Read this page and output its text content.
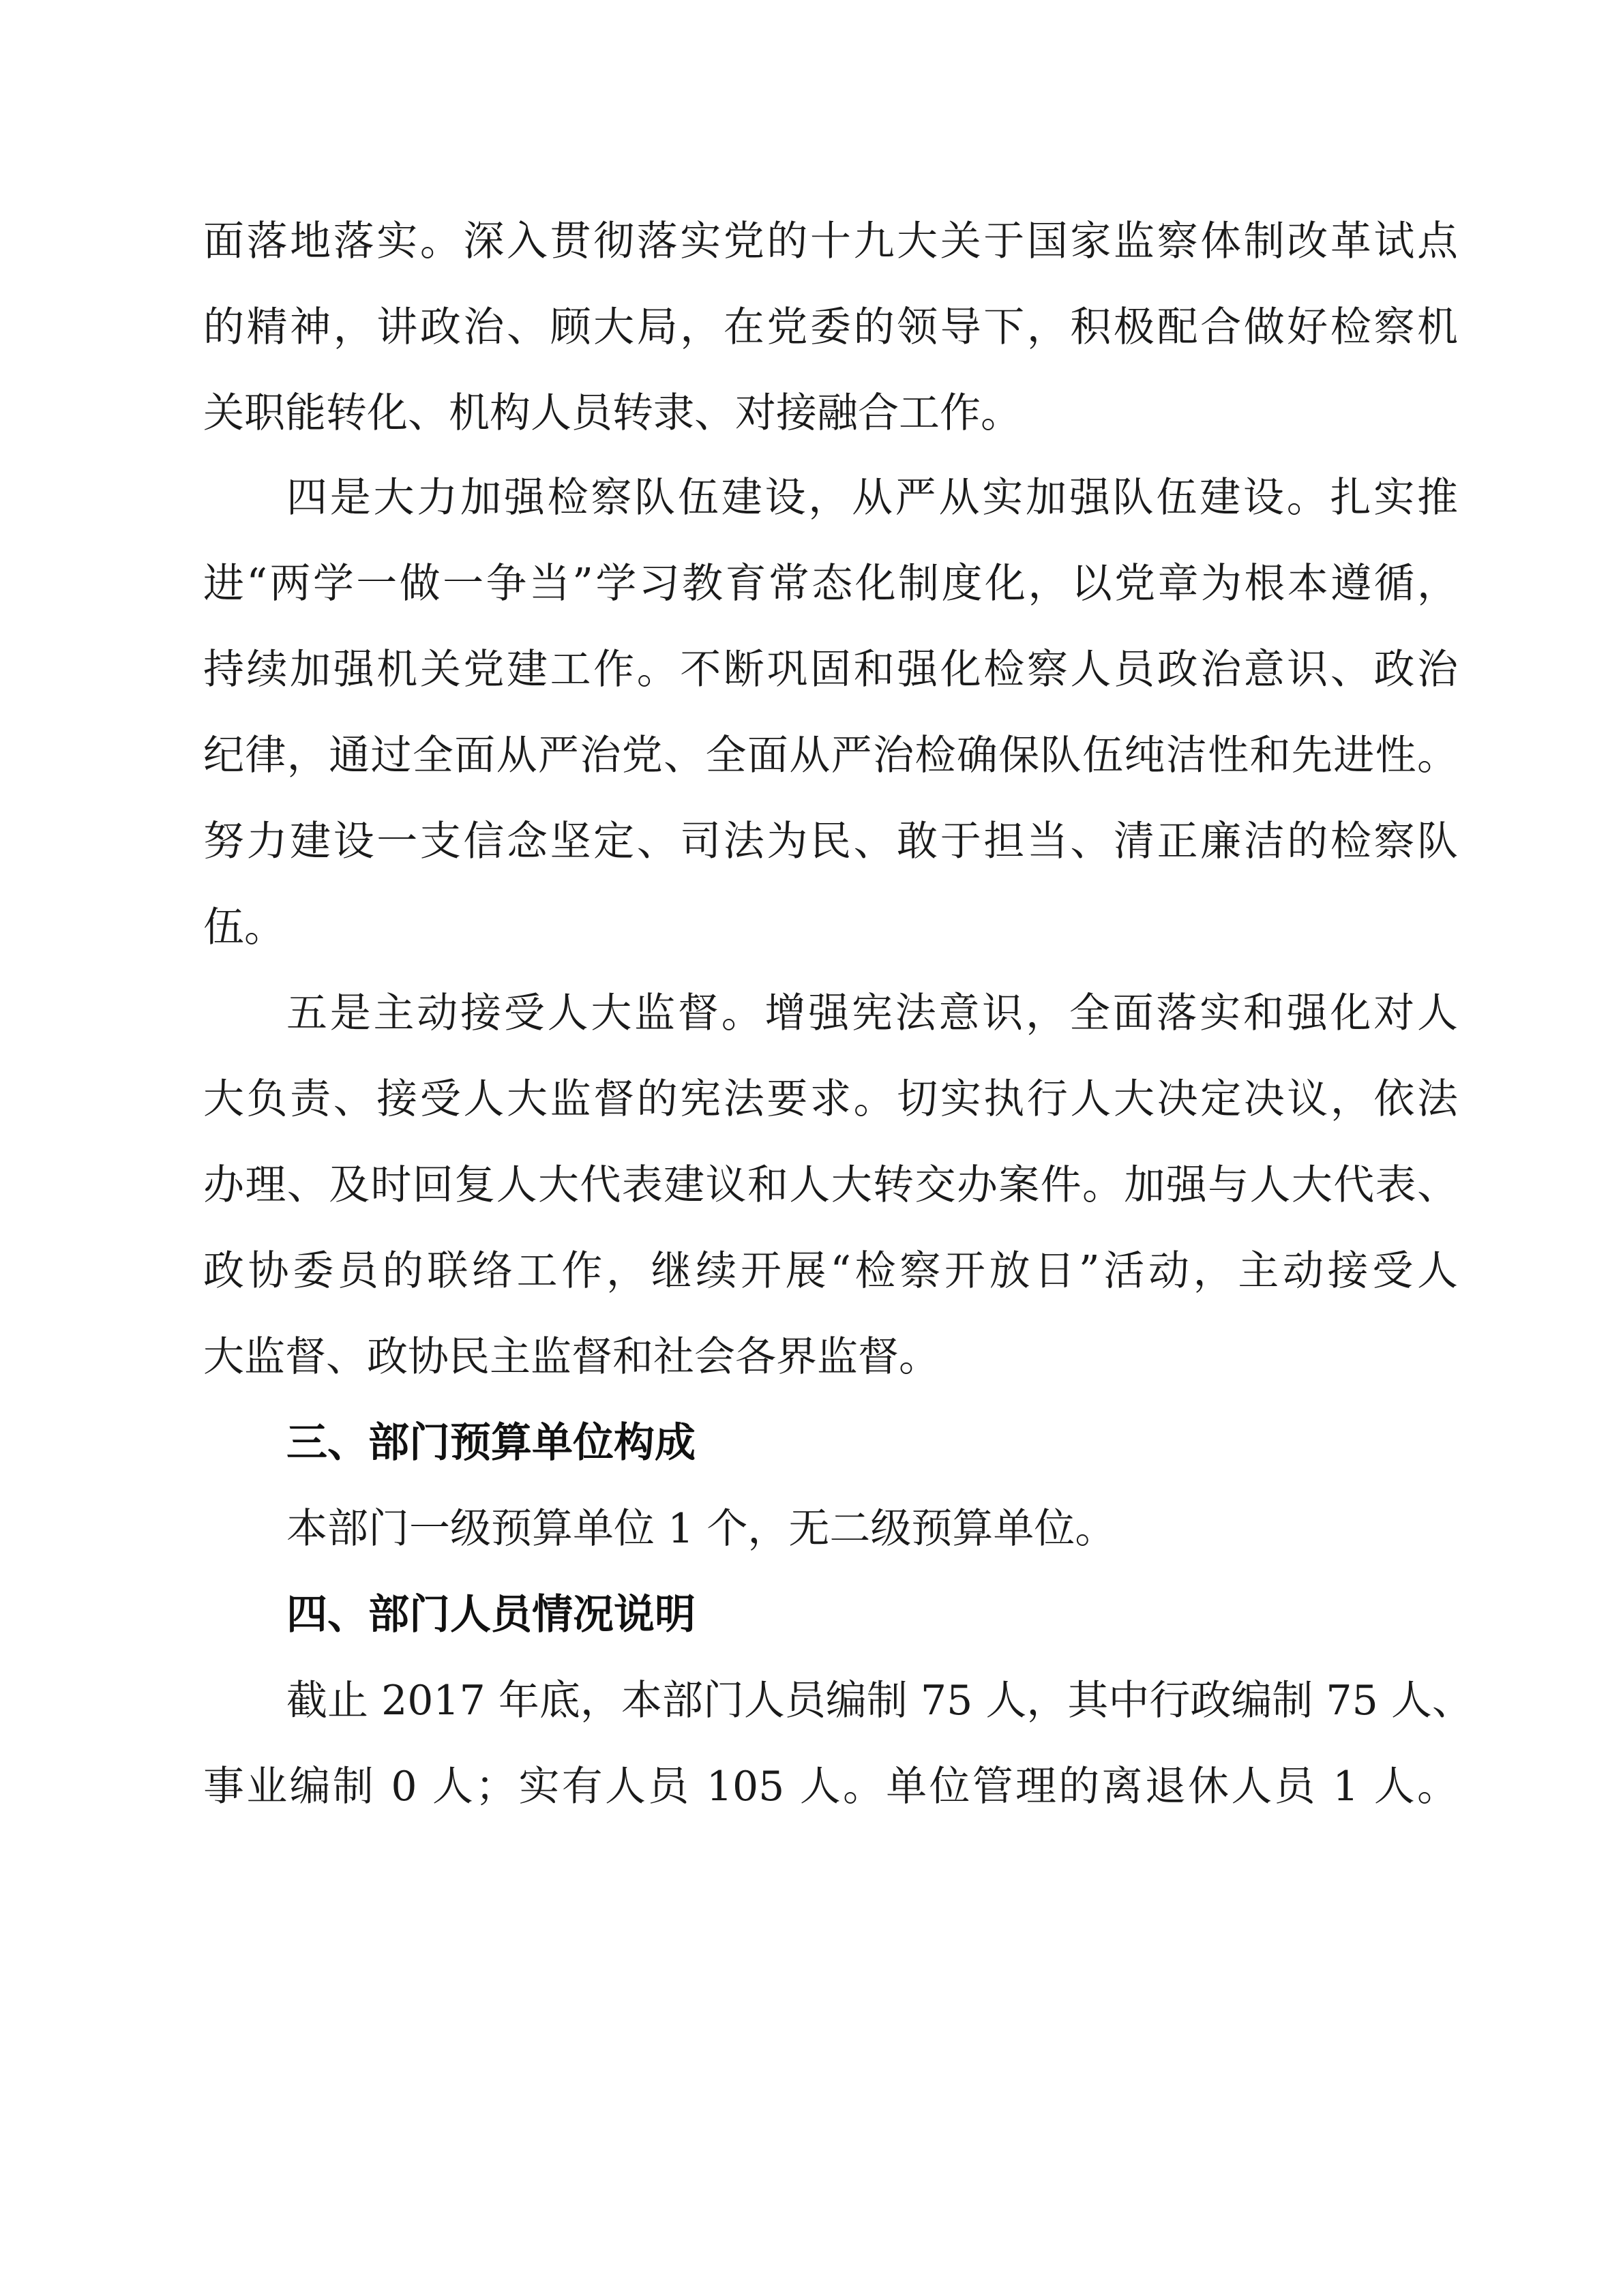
面落地落实。深入贯彻落实党的十九大关于国家监察体制改革试点

的精神，讲政治、顾大局，在党委的领导下，积极配合做好检察机

关职能转化、机构人员转隶、对接融合工作。

四是大力加强检察队伍建设，从严从实加强队伍建设。扎实推

进“两学一做一争当”学习教育常态化制度化，以党章为根本遵循，

持续加强机关党建工作。不断巩固和强化检察人员政治意识、政治

纪律，通过全面从严治党、全面从严治检确保队伍纯洁性和先进性。

努力建设一支信念坚定、司法为民、敢于担当、清正廉洁的检察队

伍。

五是主动接受人大监督。增强宪法意识，全面落实和强化对人

大负责、接受人大监督的宪法要求。切实执行人大决定决议，依法

办理、及时回复人大代表建议和人大转交办案件。加强与人大代表、

政协委员的联络工作，继续开展“检察开放日”活动，主动接受人

大监督、政协民主监督和社会各界监督。

三、部门预算单位构成

本部门一级预算单位 1 个，无二级预算单位。

四、部门人员情况说明

截止 2017 年底，本部门人员编制 75 人，其中行政编制 75 人、

事业编制 0 人；实有人员 105 人。单位管理的离退休人员 1 人。
